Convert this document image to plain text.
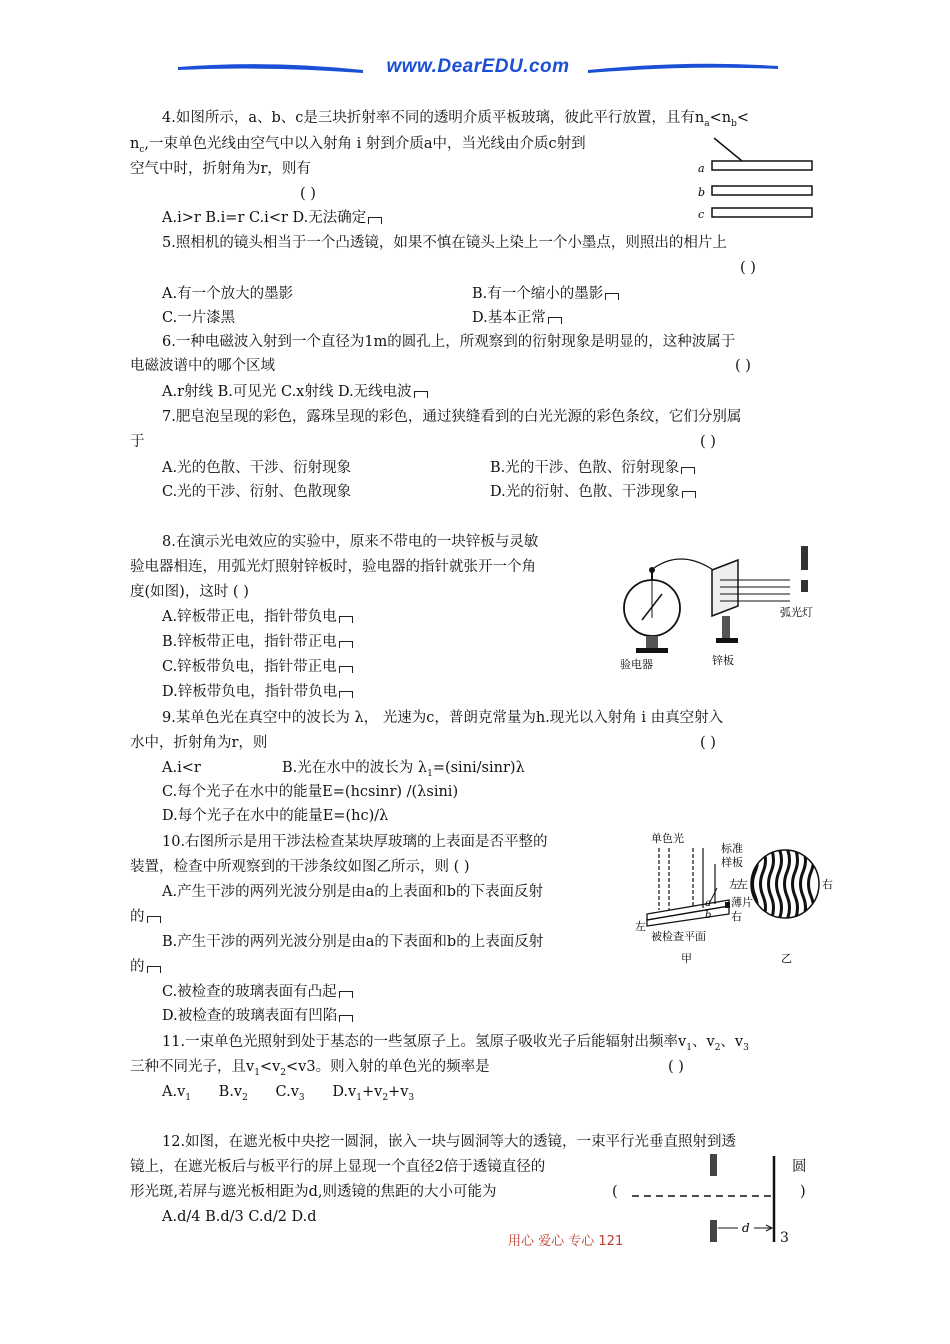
www.DearEDU.com
4.如图所示，a、b、c是三块折射率不同的透明介质平板玻璃，彼此平行放置，且有$n_a<n_b<$
$n_c$,一束单色光线由空气中以入射角 i 射到介质a中，当光线由介质c射到
空气中时，折射角为r，则有
( )
A.i>r B.i=r C.i<r D.无法确定
a
b
c
5.照相机的镜头相当于一个凸透镜，如果不慎在镜头上染上一个小墨点，则照出的相片上
( )
A.有一个放大的墨影	B.有一个缩小的墨影
C.一片漆黑	D.基本正常
6.一种电磁波入射到一个直径为1m的圆孔上，所观察到的衍射现象是明显的，这种波属于
电磁波谱中的哪个区域	( )
A.r射线 B.可见光 C.x射线 D.无线电波
7.肥皂泡呈现的彩色，露珠呈现的彩色，通过狭缝看到的白光光源的彩色条纹，它们分别属
于	( )
A.光的色散、干涉、衍射现象	B.光的干涉、色散、衍射现象
C.光的干涉、衍射、色散现象	D.光的衍射、色散、干涉现象
8.在演示光电效应的实验中，原来不带电的一块锌板与灵敏
验电器相连，用弧光灯照射锌板时，验电器的指针就张开一个角
度(如图)，这时 ( )
A.锌板带正电，指针带负电
B.锌板带正电，指针带正电
C.锌板带负电，指针带正电
D.锌板带负电，指针带负电
验电器	锌板
弧光灯
9.某单色光在真空中的波长为 λ， 光速为c，普朗克常量为h.现光以入射角 i 由真空射入
水中，折射角为r，则	( )
A.i<r	B.光在水中的波长为 $\lambda_1=(\sin i/\sin r)\lambda$
C.每个光子在水中的能量E=(hcsinr) /(λsini)
D.每个光子在水中的能量E=(hc)/λ
10.右图所示是用干涉法检查某块厚玻璃的上表面是否平整的
装置，检查中所观察到的干涉条纹如图乙所示，则 ( )
A.产生干涉的两列光波分别是由a的上表面和b的下表面反射
的
B.产生干涉的两列光波分别是由a的下表面和b的上表面反射
的
C.被检查的玻璃表面有凸起
D.被检查的玻璃表面有凹陷
单色光
标准
样板
左
薄片
右
左
a
b
被检查平面
甲
左	右
乙
11.一束单色光照射到处于基态的一些氢原子上。氢原子吸收光子后能辐射出频率$v_1$、$v_2$、$v_3$
三种不同光子，且$v_1<v_2<v3$。则入射的单色光的频率是	( )
$A.v_1$ $B.v_2$ $C.v_3$ $D.v_1+v_2+v_3$
12.如图，在遮光板中央挖一圆洞，嵌入一块与圆洞等大的透镜，一束平行光垂直照射到透
镜上，在遮光板后与板平行的屏上显现一个直径2倍于透镜直径的	圆
形光斑,若屏与遮光板相距为d,则透镜的焦距的大小可能为	(	)
A.d/4 B.d/3 C.d/2 D.d
d
用心 爱心 专心 121	3
